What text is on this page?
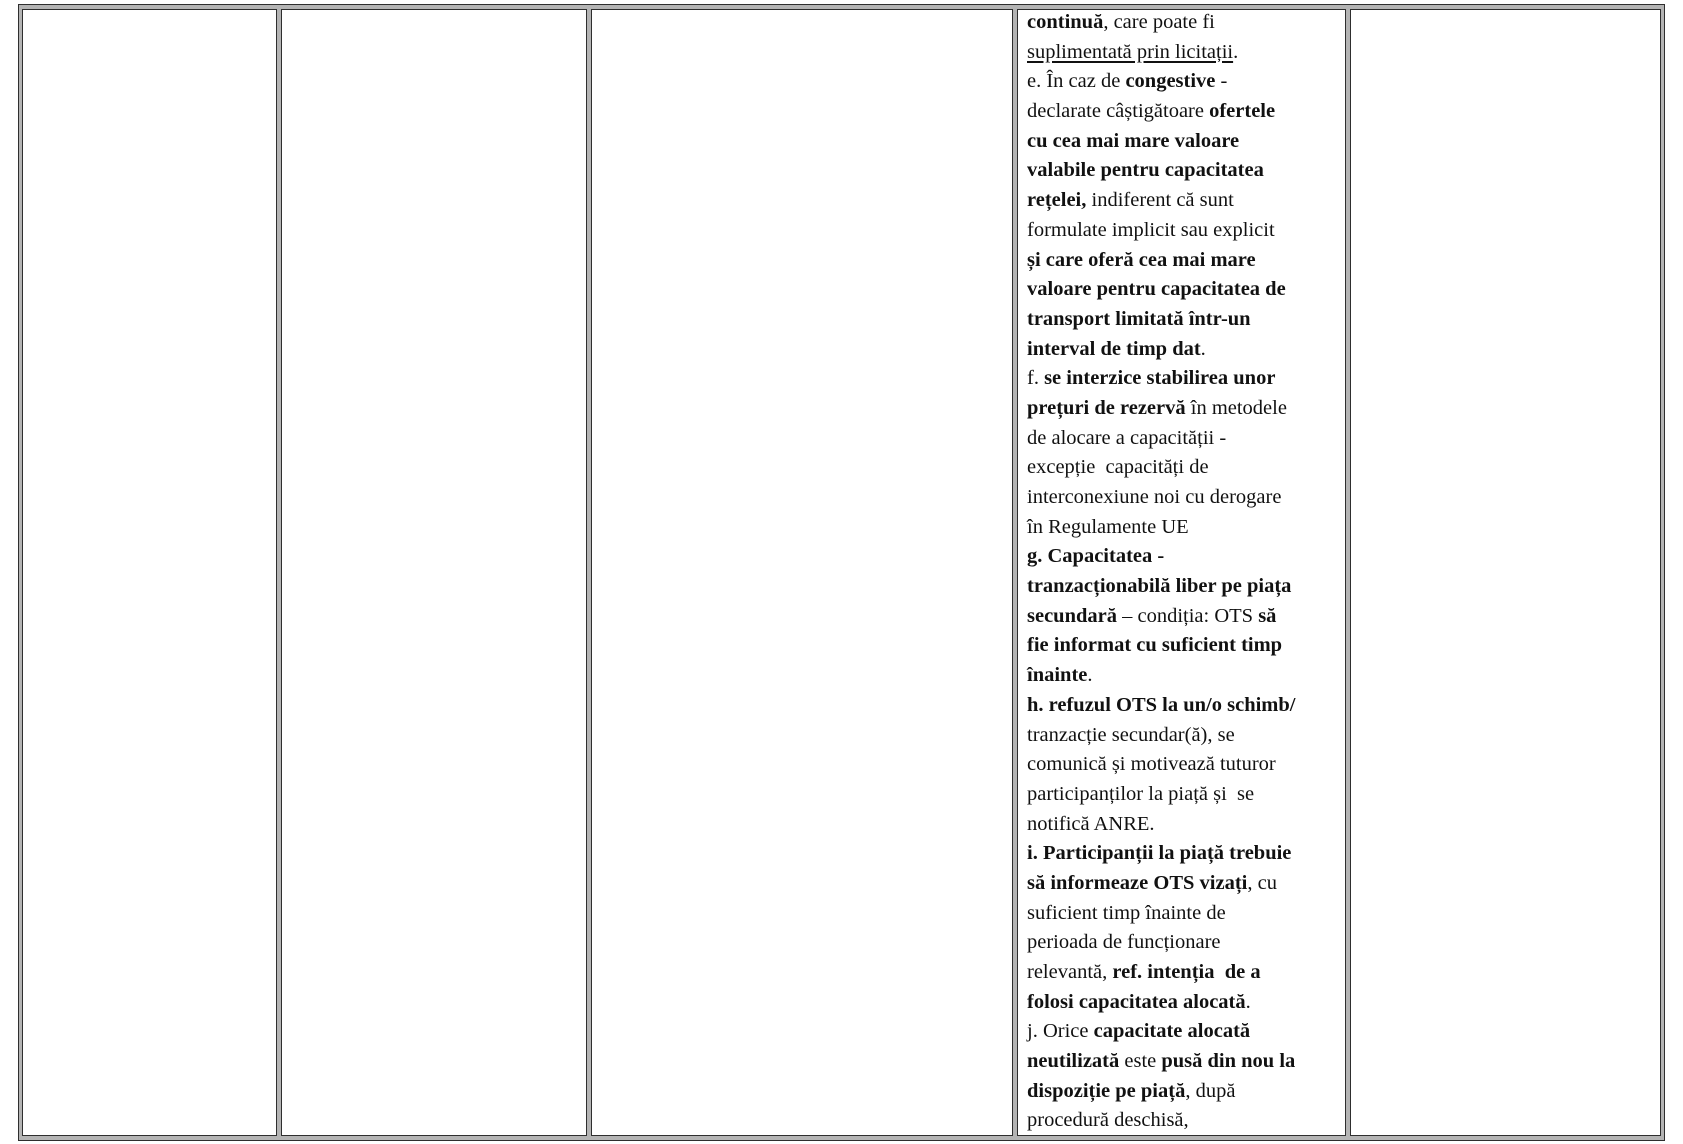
continuă, care poate fi
suplimentată prin licitații.
e. În caz de congestive -
declarate câștigătoare ofertele
cu cea mai mare valoare
valabile pentru capacitatea
rețelei, indiferent că sunt
formulate implicit sau explicit
și care oferă cea mai mare
valoare pentru capacitatea de
transport limitată într-un
interval de timp dat.
f. se interzice stabilirea unor
prețuri de rezervă în metodele
de alocare a capacității -
excepție  capacități de
interconexiune noi cu derogare
în Regulamente UE
g. Capacitatea -
tranzacționabilă liber pe piața
secundară – condiția: OTS să
fie informat cu suficient timp
înainte.
h. refuzul OTS la un/o schimb/
tranzacție secundar(ă), se
comunică și motivează tuturor
participanților la piață și  se
notifică ANRE.
i. Participanții la piață trebuie
să informeaze OTS vizați, cu
suficient timp înainte de
perioada de funcționare
relevantă, ref. intenția  de a
folosi capacitatea alocată.
j. Orice capacitate alocată
neutilizată este pusă din nou la
dispoziție pe piață, după
procedură deschisă,
